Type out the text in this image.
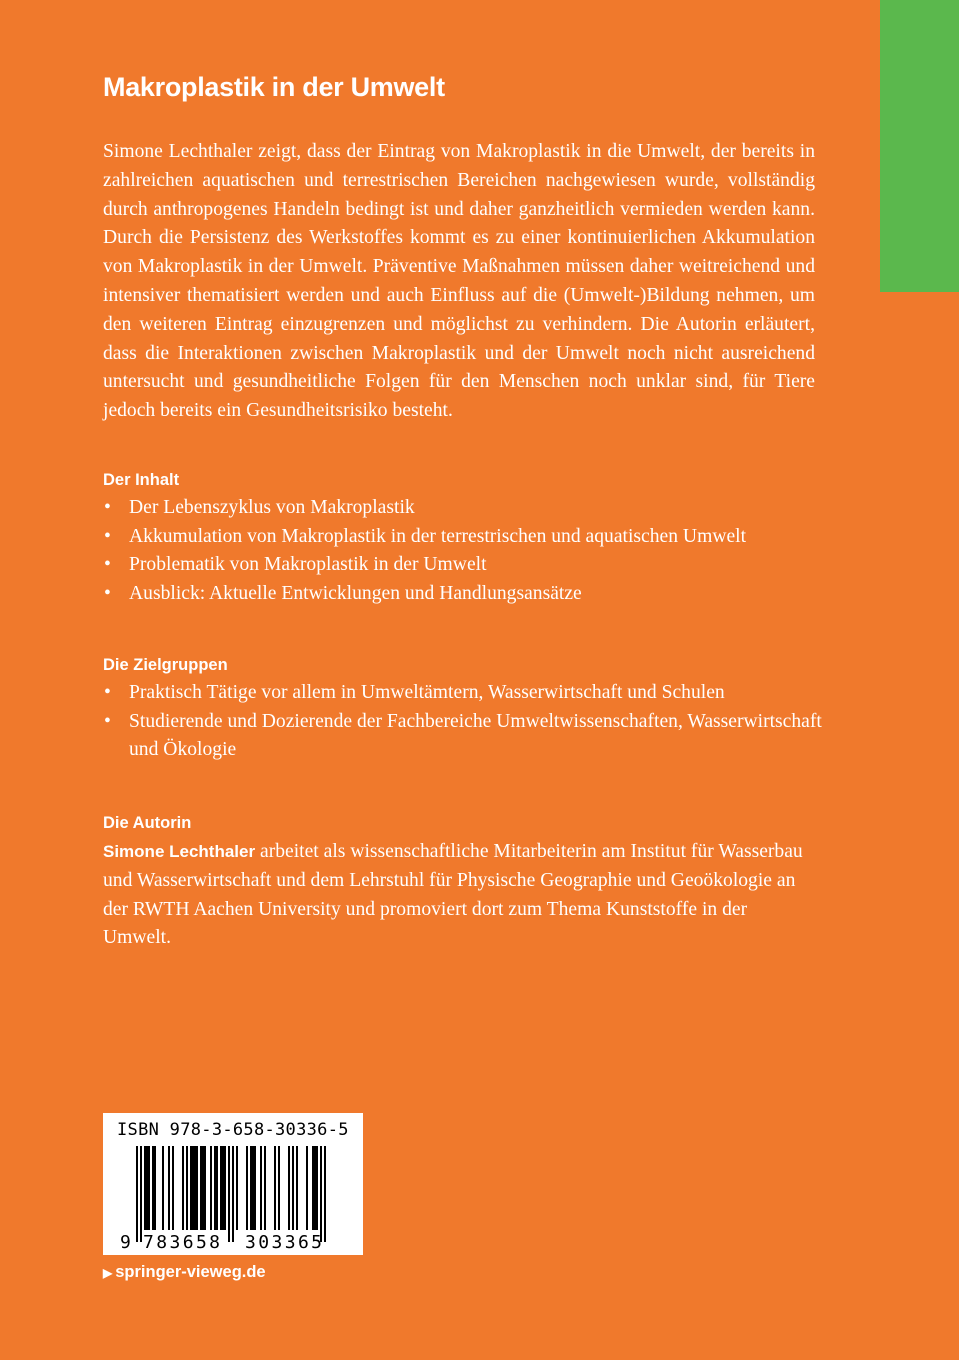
Makroplastik in der Umwelt

Simone Lechthaler zeigt, dass der Eintrag von Makroplastik in die Umwelt, der bereits in zahlreichen aquatischen und terrestrischen Bereichen nachgewiesen wurde, vollständig durch anthropogenes Handeln bedingt ist und daher ganzheitlich vermieden werden kann. Durch die Persistenz des Werkstoffes kommt es zu einer kontinuierlichen Akkumulation von Makroplastik in der Umwelt. Präventive Maßnahmen müssen daher weitreichend und intensiver thematisiert werden und auch Einfluss auf die (Umwelt-)Bildung nehmen, um den weiteren Eintrag einzugrenzen und möglichst zu verhindern. Die Autorin erläutert, dass die Interaktionen zwischen Makroplastik und der Umwelt noch nicht ausreichend untersucht und gesundheitliche Folgen für den Menschen noch unklar sind, für Tiere jedoch bereits ein Gesundheitsrisiko besteht.

Der Inhalt
• Der Lebenszyklus von Makroplastik
• Akkumulation von Makroplastik in der terrestrischen und aquatischen Umwelt
• Problematik von Makroplastik in der Umwelt
• Ausblick: Aktuelle Entwicklungen und Handlungsansätze
Die Zielgruppen
• Praktisch Tätige vor allem in Umweltämtern, Wasserwirtschaft und Schulen
• Studierende und Dozierende der Fachbereiche Umweltwissenschaften, Wasserwirtschaft und Ökologie
Die Autorin
Simone Lechthaler arbeitet als wissenschaftliche Mitarbeiterin am Institut für Wasserbau und Wasserwirtschaft und dem Lehrstuhl für Physische Geographie und Geoökologie an der RWTH Aachen University und promoviert dort zum Thema Kunststoffe in der Umwelt.
ISBN 978-3-658-30336-5
9 783658 303365
▶ springer-vieweg.de
